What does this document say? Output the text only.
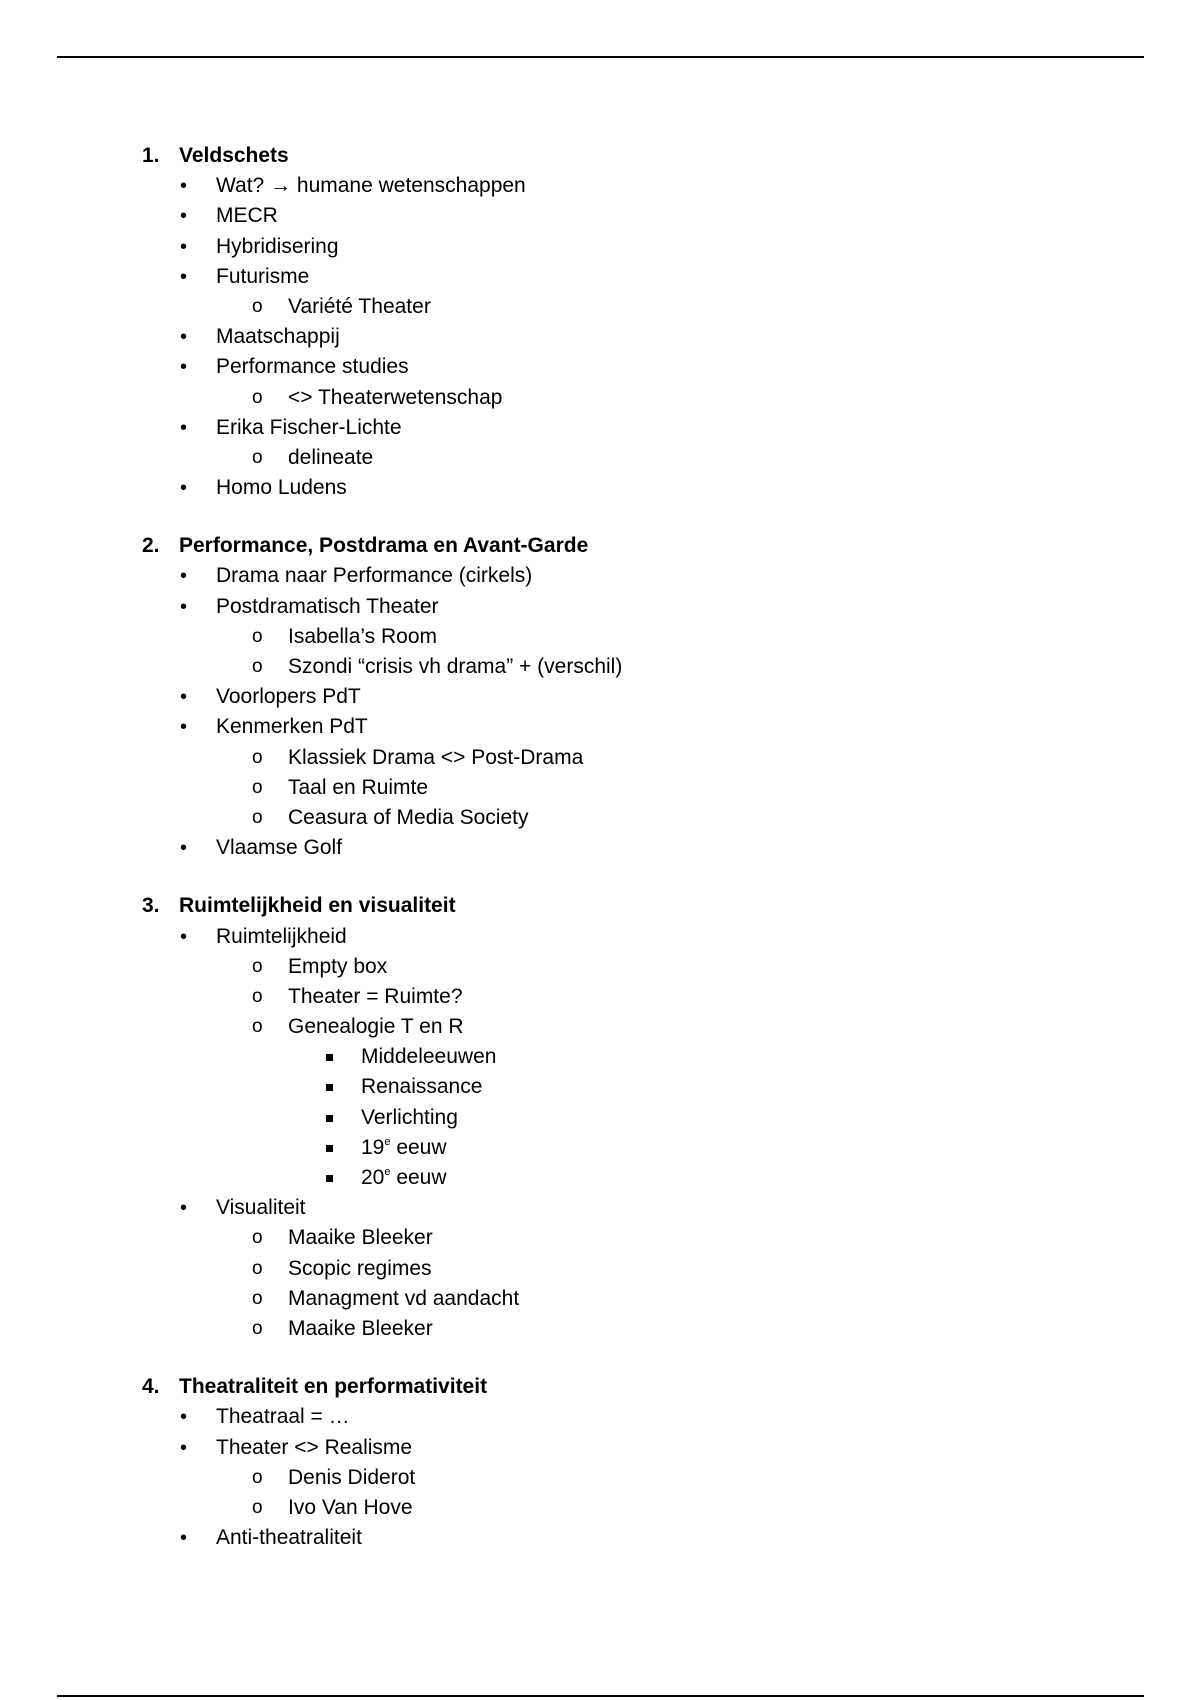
1. Veldschets
• Wat? → humane wetenschappen
• MECR
• Hybridisering
• Futurisme
o Variété Theater
• Maatschappij
• Performance studies
o <> Theaterwetenschap
• Erika Fischer-Lichte
o delineate
• Homo Ludens
2. Performance, Postdrama en Avant-Garde
• Drama naar Performance (cirkels)
• Postdramatisch Theater
o Isabella’s Room
o Szondi “crisis vh drama” + (verschil)
• Voorlopers PdT
• Kenmerken PdT
o Klassiek Drama <> Post-Drama
o Taal en Ruimte
o Ceasura of Media Society
• Vlaamse Golf
3. Ruimtelijkheid en visualiteit
• Ruimtelijkheid
o Empty box
o Theater = Ruimte?
o Genealogie T en R
Middeleeuwen
Renaissance
Verlichting
19e eeuw
20e eeuw
• Visualiteit
o Maaike Bleeker
o Scopic regimes
o Managment vd aandacht
o Maaike Bleeker
4. Theatraliteit en performativiteit
• Theatraal = …
• Theater <> Realisme
o Denis Diderot
o Ivo Van Hove
• Anti-theatraliteit
